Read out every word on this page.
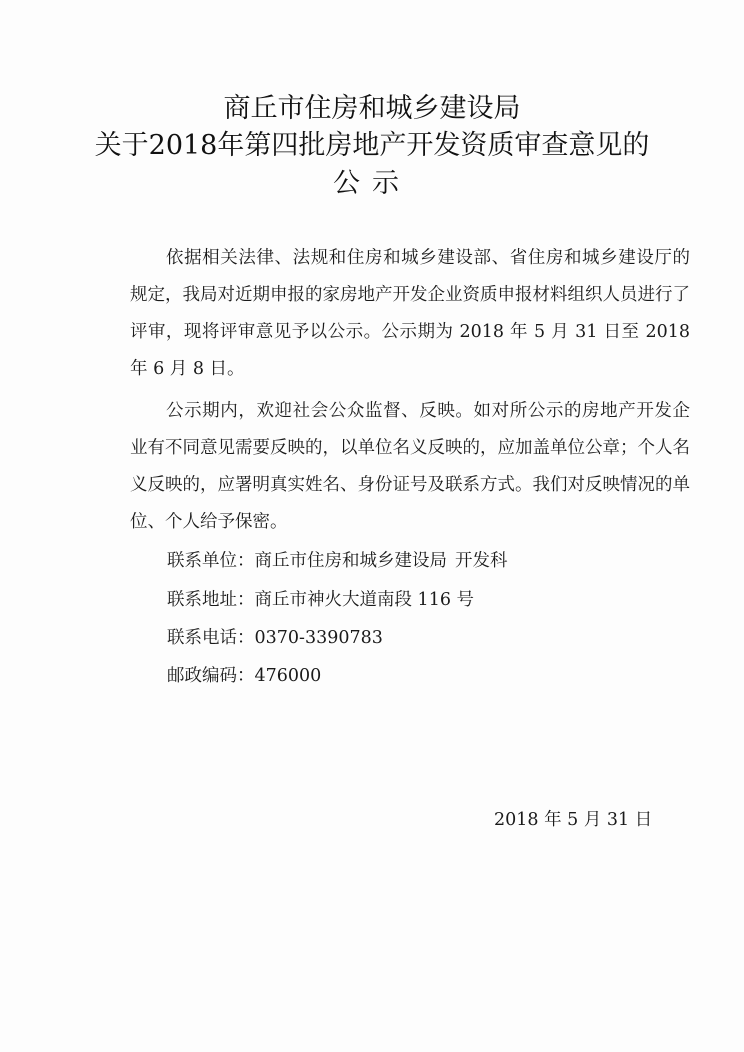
商丘市住房和城乡建设局
关于2018年第四批房地产开发资质审查意见的
公示
依据相关法律、法规和住房和城乡建设部、省住房和城乡建设厅的规定，我局对近期申报的家房地产开发企业资质申报材料组织人员进行了评审，现将评审意见予以公示。公示期为 2018 年 5 月 31 日至 2018 年 6 月 8 日。
公示期内，欢迎社会公众监督、反映。如对所公示的房地产开发企业有不同意见需要反映的，以单位名义反映的，应加盖单位公章；个人名义反映的，应署明真实姓名、身份证号及联系方式。我们对反映情况的单位、个人给予保密。
联系单位：商丘市住房和城乡建设局 开发科
联系地址：商丘市神火大道南段 116 号
联系电话：0370-3390783
邮政编码：476000
2018 年 5 月 31 日
